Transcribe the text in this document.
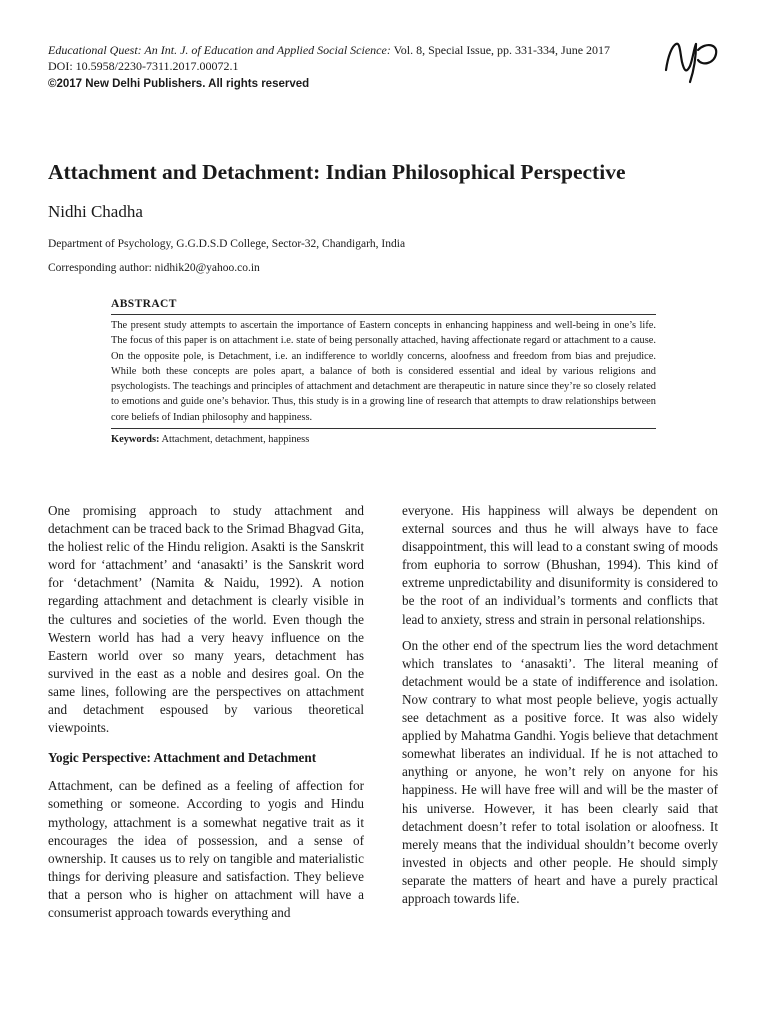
Educational Quest: An Int. J. of Education and Applied Social Science: Vol. 8, Special Issue, pp. 331-334, June 2017
DOI: 10.5958/2230-7311.2017.00072.1
©2017 New Delhi Publishers. All rights reserved
Attachment and Detachment: Indian Philosophical Perspective
Nidhi Chadha
Department of Psychology, G.G.D.S.D College, Sector-32, Chandigarh, India
Corresponding author: nidhik20@yahoo.co.in
ABSTRACT
The present study attempts to ascertain the importance of Eastern concepts in enhancing happiness and well-being in one’s life. The focus of this paper is on attachment i.e. state of being personally attached, having affectionate regard or attachment to a cause. On the opposite pole, is Detachment, i.e. an indifference to worldly concerns, aloofness and freedom from bias and prejudice. While both these concepts are poles apart, a balance of both is considered essential and ideal by various religions and psychologists. The teachings and principles of attachment and detachment are therapeutic in nature since they’re so closely related to emotions and guide one’s behavior. Thus, this study is in a growing line of research that attempts to draw relationships between core beliefs of Indian philosophy and happiness.
Keywords: Attachment, detachment, happiness

One promising approach to study attachment and detachment can be traced back to the Srimad Bhagvad Gita, the holiest relic of the Hindu religion. Asakti is the Sanskrit word for ‘attachment’ and ‘anasakti’ is the Sanskrit word for ‘detachment’ (Namita & Naidu, 1992). A notion regarding attachment and detachment is clearly visible in the cultures and societies of the world. Even though the Western world has had a very heavy influence on the Eastern world over so many years, detachment has survived in the east as a noble and desires goal. On the same lines, following are the perspectives on attachment and detachment espoused by various theoretical viewpoints.

Yogic Perspective: Attachment and Detachment

Attachment, can be defined as a feeling of affection for something or someone. According to yogis and Hindu mythology, attachment is a somewhat negative trait as it encourages the idea of possession, and a sense of ownership. It causes us to rely on tangible and materialistic things for deriving pleasure and satisfaction. They believe that a person who is higher on attachment will have a consumerist approach towards everything and

everyone. His happiness will always be dependent on external sources and thus he will always have to face disappointment, this will lead to a constant swing of moods from euphoria to sorrow (Bhushan, 1994). This kind of extreme unpredictability and disuniformity is considered to be the root of an individual’s torments and conflicts that lead to anxiety, stress and strain in personal relationships.

On the other end of the spectrum lies the word detachment which translates to ‘anasakti’. The literal meaning of detachment would be a state of indifference and isolation. Now contrary to what most people believe, yogis actually see detachment as a positive force. It was also widely applied by Mahatma Gandhi. Yogis believe that detachment somewhat liberates an individual. If he is not attached to anything or anyone, he won’t rely on anyone for his happiness. He will have free will and will be the master of his universe. However, it has been clearly said that detachment doesn’t refer to total isolation or aloofness. It merely means that the individual shouldn’t become overly invested in objects and other people. He should simply separate the matters of heart and have a purely practical approach towards life.
